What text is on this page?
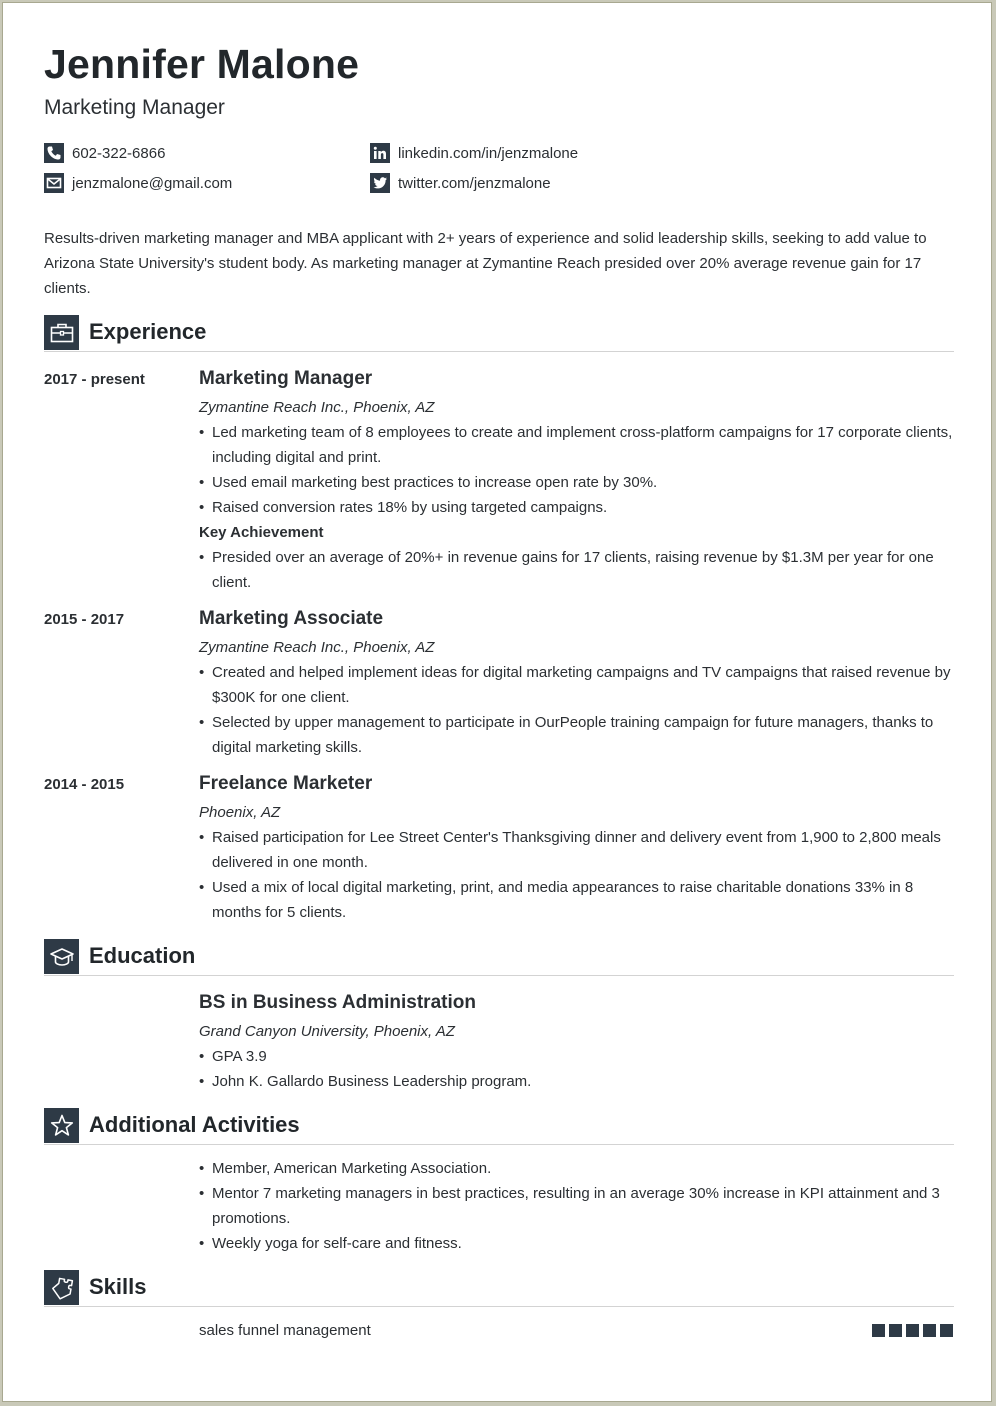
Jennifer Malone
Marketing Manager
602-322-6866
jenzmalone@gmail.com
linkedin.com/in/jenzmalone
twitter.com/jenzmalone

Results-driven marketing manager and MBA applicant with 2+ years of experience and solid leadership skills, seeking to add value to Arizona State University's student body. As marketing manager at Zymantine Reach presided over 20% average revenue gain for 17 clients.

Experience
2017 - present	Marketing Manager
Zymantine Reach Inc., Phoenix, AZ
• Led marketing team of 8 employees to create and implement cross-platform campaigns for 17 corporate clients, including digital and print.
• Used email marketing best practices to increase open rate by 30%.
• Raised conversion rates 18% by using targeted campaigns.
Key Achievement
• Presided over an average of 20%+ in revenue gains for 17 clients, raising revenue by $1.3M per year for one client.
2015 - 2017	Marketing Associate
Zymantine Reach Inc., Phoenix, AZ
• Created and helped implement ideas for digital marketing campaigns and TV campaigns that raised revenue by $300K for one client.
• Selected by upper management to participate in OurPeople training campaign for future managers, thanks to digital marketing skills.
2014 - 2015	Freelance Marketer
Phoenix, AZ
• Raised participation for Lee Street Center's Thanksgiving dinner and delivery event from 1,900 to 2,800 meals delivered in one month.
• Used a mix of local digital marketing, print, and media appearances to raise charitable donations 33% in 8 months for 5 clients.
Education
BS in Business Administration
Grand Canyon University, Phoenix, AZ
• GPA 3.9
• John K. Gallardo Business Leadership program.
Additional Activities
• Member, American Marketing Association.
• Mentor 7 marketing managers in best practices, resulting in an average 30% increase in KPI attainment and 3 promotions.
• Weekly yoga for self-care and fitness.
Skills
sales funnel management
